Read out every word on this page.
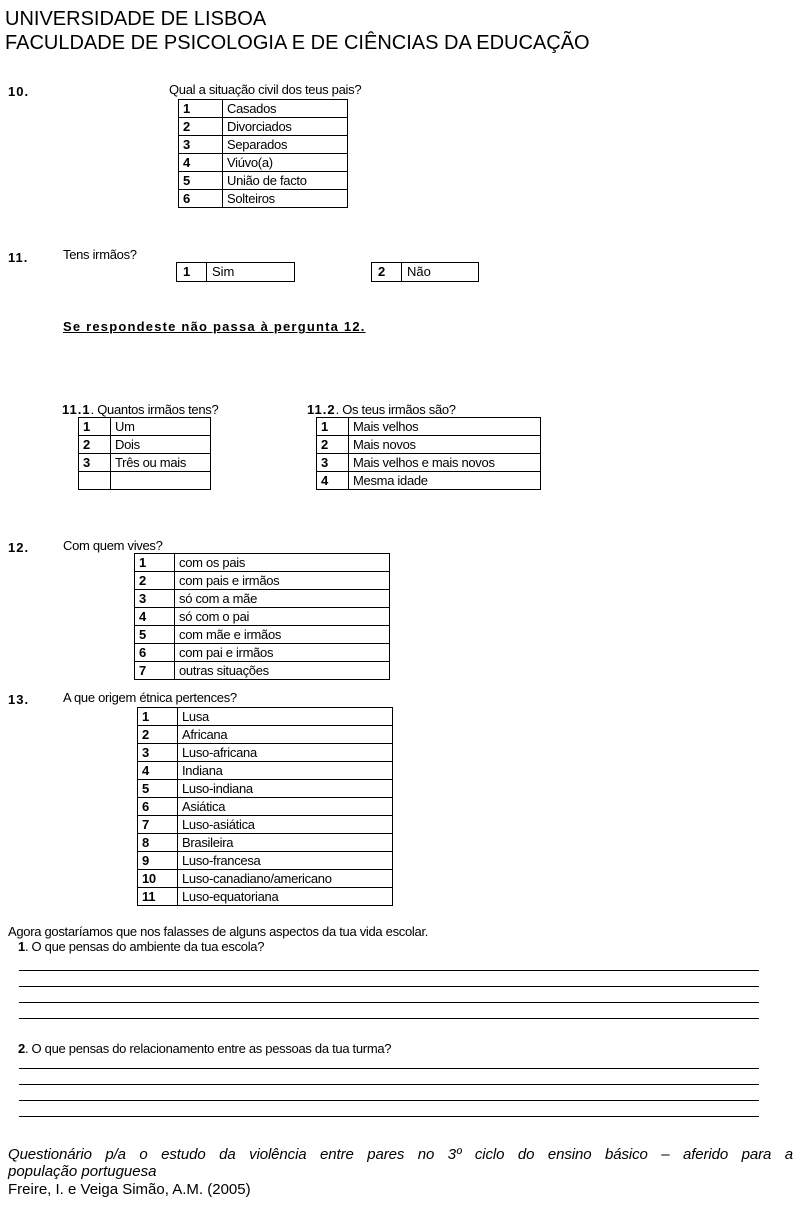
UNIVERSIDADE DE LISBOA
FACULDADE DE PSICOLOGIA E DE CIÊNCIAS DA EDUCAÇÃO
10.	Qual a situação civil dos teus pais?
1	Casados
2	Divorciados
3	Separados
4	Viúvo(a)
5	União de facto
6	Solteiros
11.	Tens irmãos?
1	Sim	2	Não
Se respondeste não passa à pergunta 12.
11.1. Quantos irmãos tens?
1	Um
2	Dois
3	Três ou mais

11.2. Os teus irmãos são?
1	Mais velhos
2	Mais novos
3	Mais velhos e mais novos
4	Mesma idade
12.	Com quem vives?
1	com os pais
2	com pais e irmãos
3	só com a mãe
4	só com o pai
5	com mãe e irmãos
6	com pai e irmãos
7	outras situações
13.	A que origem étnica pertences?
1	Lusa
2	Africana
3	Luso-africana
4	Indiana
5	Luso-indiana
6	Asiática
7	Luso-asiática
8	Brasileira
9	Luso-francesa
10	Luso-canadiano/americano
11	Luso-equatoriana
Agora gostaríamos que nos falasses de alguns aspectos da tua vida escolar.
1. O que pensas do ambiente da tua escola?
2. O que pensas do relacionamento entre as pessoas da tua turma?
Questionário p/a o estudo da violência entre pares no 3º ciclo do ensino básico – aferido para a
população portuguesa
Freire, I. e Veiga Simão, A.M. (2005)
